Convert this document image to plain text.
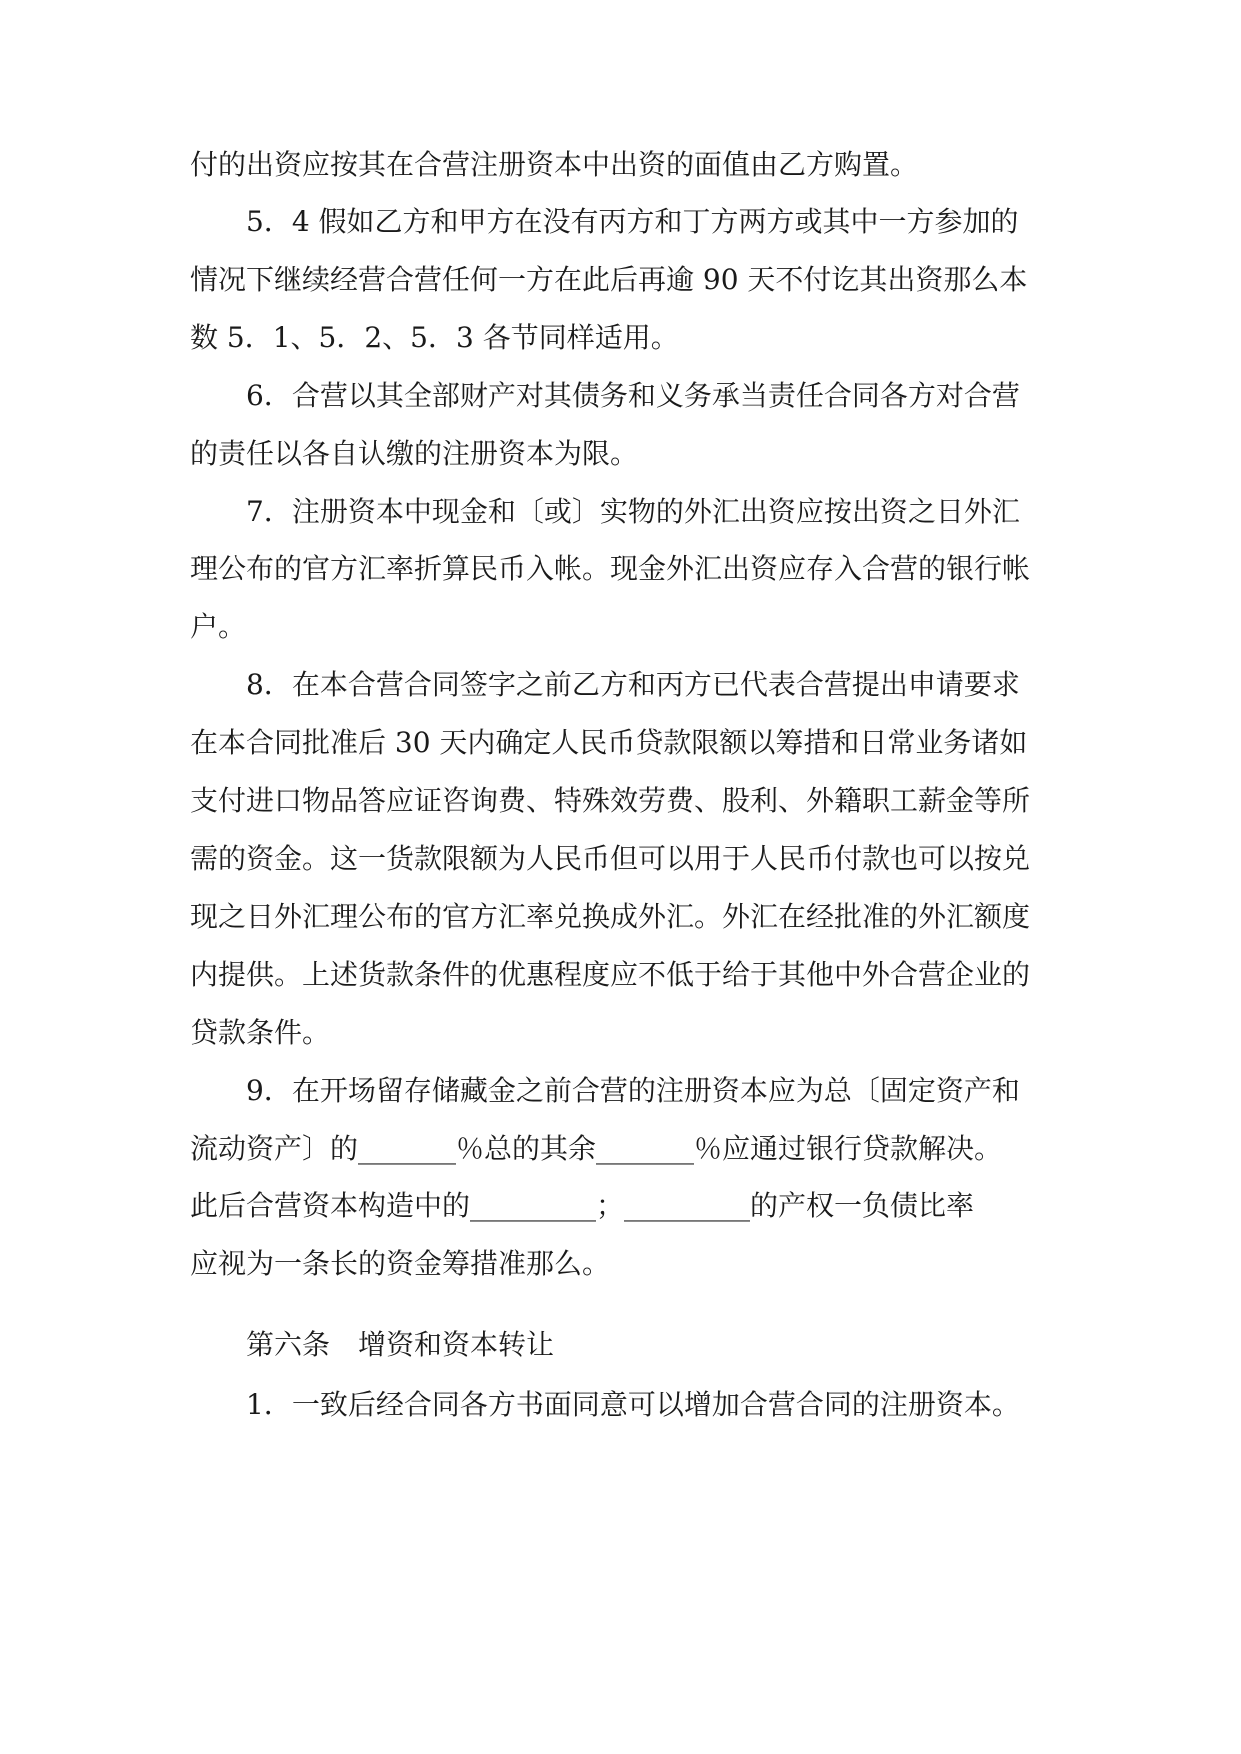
付的出资应按其在合营注册资本中出资的面值由乙方购置。

5．4 假如乙方和甲方在没有丙方和丁方两方或其中一方参加的

情况下继续经营合营任何一方在此后再逾 90 天不付讫其出资那么本

数 5．1、5．2、5．3 各节同样适用。

6．合营以其全部财产对其债务和义务承当责任合同各方对合营

的责任以各自认缴的注册资本为限。

7．注册资本中现金和〔或〕实物的外汇出资应按出资之日外汇

理公布的官方汇率折算民币入帐。现金外汇出资应存入合营的银行帐

户。

8．在本合营合同签字之前乙方和丙方已代表合营提出申请要求

在本合同批准后 30 天内确定人民币贷款限额以筹措和日常业务诸如

支付进口物品答应证咨询费、特殊效劳费、股利、外籍职工薪金等所

需的资金。这一货款限额为人民币但可以用于人民币付款也可以按兑

现之日外汇理公布的官方汇率兑换成外汇。外汇在经批准的外汇额度

内提供。上述货款条件的优惠程度应不低于给于其他中外合营企业的

贷款条件。

9．在开场留存储藏金之前合营的注册资本应为总〔固定资产和

流动资产〕的_______％总的其余_______％应通过银行贷款解决。

此后合营资本构造中的_________；_________的产权一负债比率

应视为一条长的资金筹措准那么。

第六条　增资和资本转让

1．一致后经合同各方书面同意可以增加合营合同的注册资本。
